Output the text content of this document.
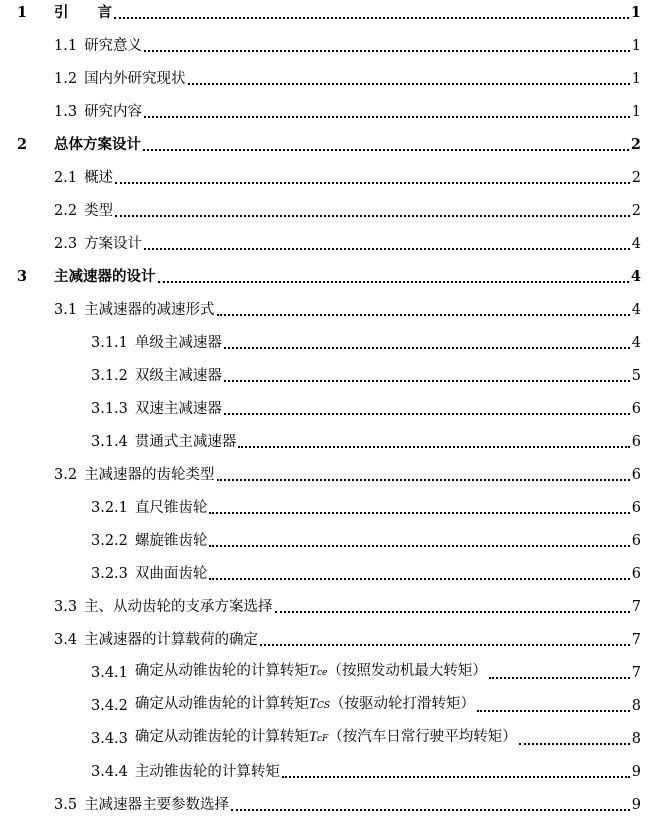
1	引　　言	1
1.1 研究意义	1
1.2 国内外研究现状	1
1.3 研究内容	1
2	总体方案设计	2
2.1 概述	2
2.2 类型	2
2.3 方案设计	4
3	主减速器的设计	4
3.1 主减速器的减速形式	4
3.1.1 单级主减速器	4
3.1.2 双级主减速器	5
3.1.3 双速主减速器	6
3.1.4 贯通式主减速器	6
3.2 主减速器的齿轮类型	6
3.2.1 直尺锥齿轮	6
3.2.2 螺旋锥齿轮	6
3.2.3 双曲面齿轮	6
3.3 主、从动齿轮的支承方案选择	7
3.4 主减速器的计算载荷的确定	7
3.4.1 确定从动锥齿轮的计算转矩Tce（按照发动机最大转矩）	7
3.4.2 确定从动锥齿轮的计算转矩TCS（按驱动轮打滑转矩）	8
3.4.3 确定从动锥齿轮的计算转矩TcF（按汽车日常行驶平均转矩）	8
3.4.4 主动锥齿轮的计算转矩	9
3.5 主减速器主要参数选择	9
